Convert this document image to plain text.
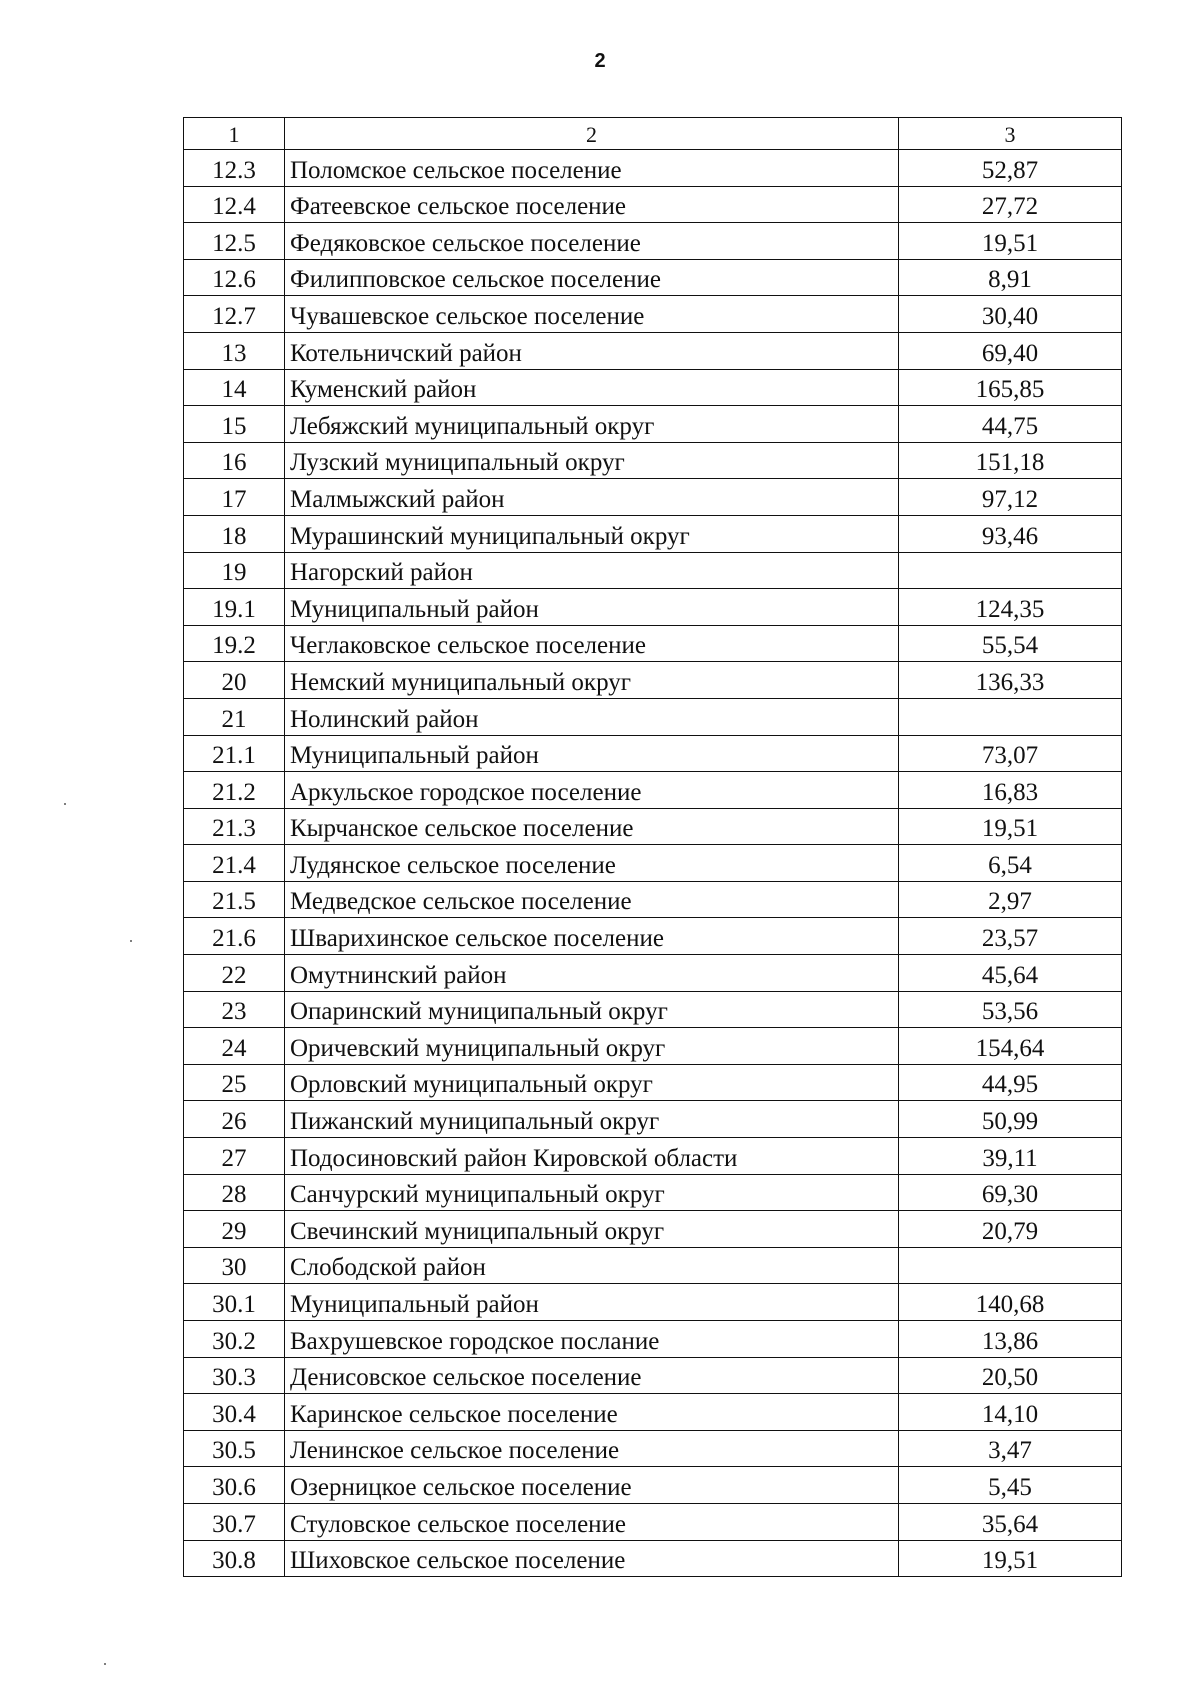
2
1	2	3
12.3	Поломское сельское поселение	52,87
12.4	Фатеевское сельское поселение	27,72
12.5	Федяковское сельское поселение	19,51
12.6	Филипповское сельское поселение	8,91
12.7	Чувашевское сельское поселение	30,40
13	Котельничский район	69,40
14	Куменский район	165,85
15	Лебяжский муниципальный округ	44,75
16	Лузский муниципальный округ	151,18
17	Малмыжский район	97,12
18	Мурашинский муниципальный округ	93,46
19	Нагорский район	
19.1	Муниципальный район	124,35
19.2	Чеглаковское сельское поселение	55,54
20	Немский муниципальный округ	136,33
21	Нолинский район	
21.1	Муниципальный район	73,07
21.2	Аркульское городское поселение	16,83
21.3	Кырчанское сельское поселение	19,51
21.4	Лудянское сельское поселение	6,54
21.5	Медведское сельское поселение	2,97
21.6	Шварихинское сельское поселение	23,57
22	Омутнинский район	45,64
23	Опаринский муниципальный округ	53,56
24	Оричевский муниципальный округ	154,64
25	Орловский муниципальный округ	44,95
26	Пижанский муниципальный округ	50,99
27	Подосиновский район Кировской области	39,11
28	Санчурский муниципальный округ	69,30
29	Свечинский муниципальный округ	20,79
30	Слободской район	
30.1	Муниципальный район	140,68
30.2	Вахрушевское городское послание	13,86
30.3	Денисовское сельское поселение	20,50
30.4	Каринское сельское поселение	14,10
30.5	Ленинское сельское поселение	3,47
30.6	Озерницкое сельское поселение	5,45
30.7	Стуловское сельское поселение	35,64
30.8	Шиховское сельское поселение	19,51
